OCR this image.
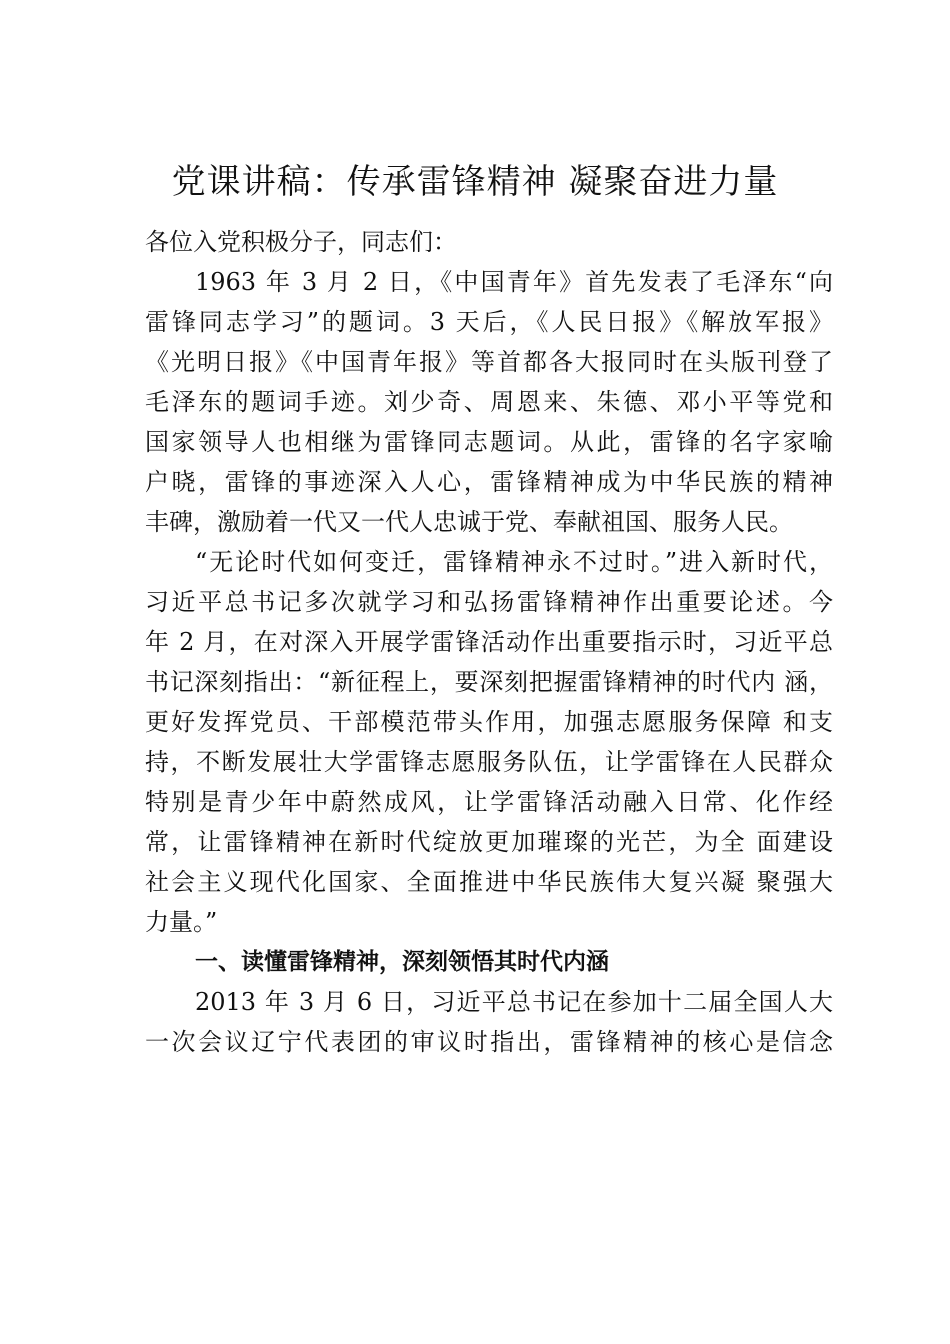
党课讲稿：传承雷锋精神 凝聚奋进力量
各位入党积极分子，同志们：
1963 年 3 月 2 日，《中国青年》首先发表了毛泽东“向
雷锋同志学习”的题词。3 天后，《人民日报》《解放军报》
《光明日报》《中国青年报》等首都各大报同时在头版刊登了
毛泽东的题词手迹。刘少奇、周恩来、朱德、邓小平等党和
国家领导人也相继为雷锋同志题词。从此，雷锋的名字家喻
户晓，雷锋的事迹深入人心，雷锋精神成为中华民族的精神
丰碑，激励着一代又一代人忠诚于党、奉献祖国、服务人民。
“无论时代如何变迁，雷锋精神永不过时。”进入新时代，
习近平总书记多次就学习和弘扬雷锋精神作出重要论述。今
年 2 月，在对深入开展学雷锋活动作出重要指示时，习近平总
书记深刻指出：“新征程上，要深刻把握雷锋精神的时代内 涵，
更好发挥党员、干部模范带头作用，加强志愿服务保障 和支
持，不断发展壮大学雷锋志愿服务队伍，让学雷锋在人民群众
特别是青少年中蔚然成风，让学雷锋活动融入日常、化作经
常，让雷锋精神在新时代绽放更加璀璨的光芒，为全 面建设
社会主义现代化国家、全面推进中华民族伟大复兴凝 聚强大
力量。”
一、读懂雷锋精神，深刻领悟其时代内涵
2013 年 3 月 6 日，习近平总书记在参加十二届全国人大
一次会议辽宁代表团的审议时指出，雷锋精神的核心是信念
